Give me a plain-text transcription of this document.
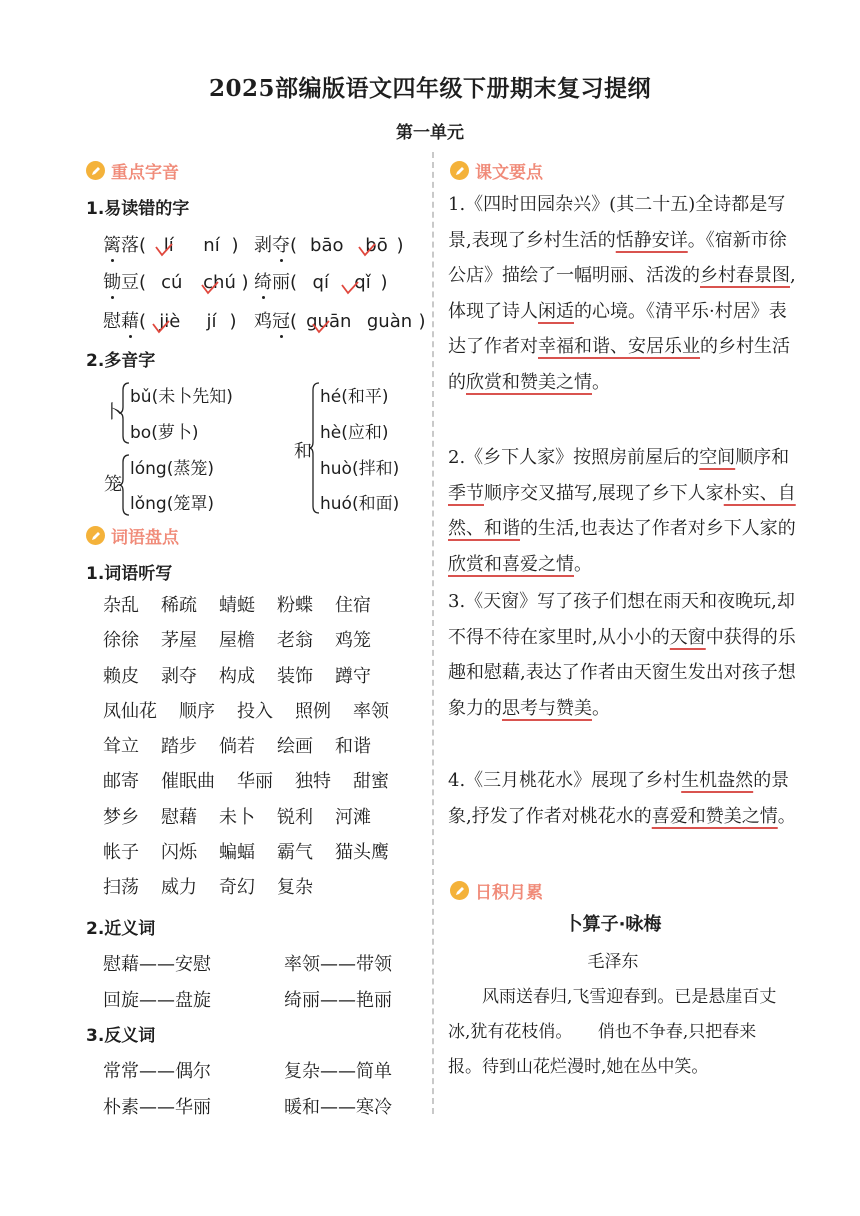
2025部编版语文四年级下册期末复习提纲
第一单元
重点字音
1.易读错的字
篱落( lí ní ) 剥夺( bāo bō )
锄豆( cú chú ) 绮丽( qí qǐ )
慰藉( jiè jí ) 鸡冠( guān guàn )
2.多音字
卜
bǔ(未卜先知)
bo(萝卜)
笼
lóng(蒸笼)
lǒng(笼罩)
和
hé(和平)
hè(应和)
huò(拌和)
huó(和面)
词语盘点
1.词语听写
杂乱 稀疏 蜻蜓 粉蝶 住宿
徐徐 茅屋 屋檐 老翁 鸡笼
赖皮 剥夺 构成 装饰 蹲守
凤仙花 顺序 投入 照例 率领
耸立 踏步 倘若 绘画 和谐
邮寄 催眠曲 华丽 独特 甜蜜
梦乡 慰藉 未卜 锐利 河滩
帐子 闪烁 蝙蝠 霸气 猫头鹰
扫荡 威力 奇幻 复杂
2.近义词
慰藉——安慰	率领——带领
回旋——盘旋	绮丽——艳丽
3.反义词
常常——偶尔	复杂——简单
朴素——华丽	暖和——寒冷
课文要点
1.《四时田园杂兴》(其二十五)全诗都是写景,表现了乡村生活的恬静安详。《宿新市徐公店》描绘了一幅明丽、活泼的乡村春景图,体现了诗人闲适的心境。《清平乐·村居》表达了作者对幸福和谐、安居乐业的乡村生活的欣赏和赞美之情。
2.《乡下人家》按照房前屋后的空间顺序和季节顺序交叉描写,展现了乡下人家朴实、自然、和谐的生活,也表达了作者对乡下人家的欣赏和喜爱之情。
3.《天窗》写了孩子们想在雨天和夜晚玩,却不得不待在家里时,从小小的天窗中获得的乐趣和慰藉,表达了作者由天窗生发出对孩子想象力的思考与赞美。
4.《三月桃花水》展现了乡村生机盎然的景象,抒发了作者对桃花水的喜爱和赞美之情。
日积月累
卜算子·咏梅
毛泽东
风雨送春归,飞雪迎春到。已是悬崖百丈冰,犹有花枝俏。　　俏也不争春,只把春来报。待到山花烂漫时,她在丛中笑。
